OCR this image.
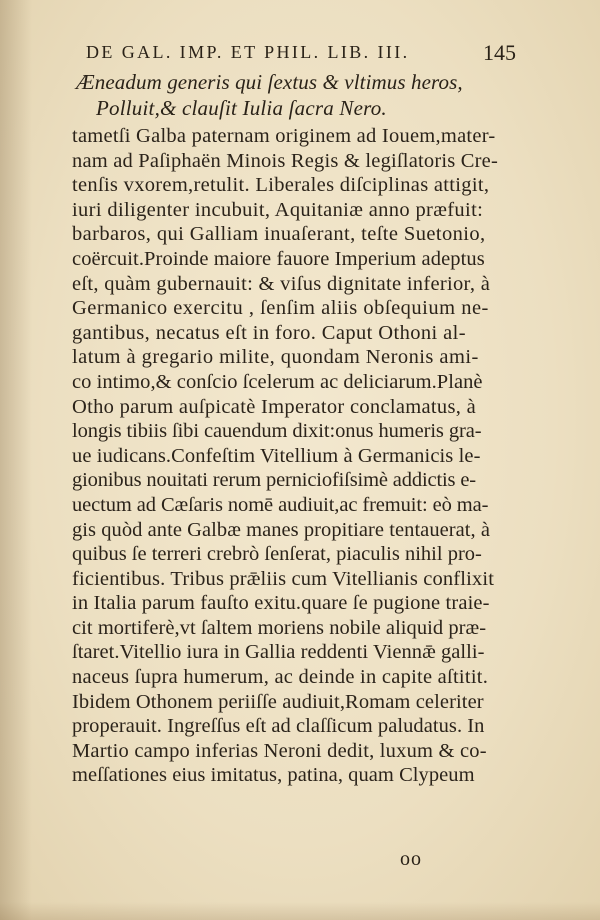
DE GAL. IMP. ET PHIL. LIB. III.	145
Æneadum generis qui ſextus & vltimus heros,
Polluit,& clauſit Iulia ſacra Nero.
tametſi Galba paternam originem ad Iouem,mater-
nam ad Paſiphaën Minois Regis & legiſlatoris Cre-
tenſis vxorem,retulit. Liberales diſciplinas attigit,
iuri diligenter incubuit, Aquitaniæ anno præfuit:
barbaros, qui Galliam inuaſerant, teſte Suetonio,
coërcuit.Proinde maiore fauore Imperium adeptus
eſt, quàm gubernauit: & viſus dignitate inferior, à
Germanico exercitu , ſenſim aliis obſequium ne-
gantibus, necatus eſt in foro. Caput Othoni al-
latum à gregario milite, quondam Neronis ami-
co intimo,& conſcio ſcelerum ac deliciarum.Planè
Otho parum auſpicatè Imperator conclamatus, à
longis tibiis ſibi cauendum dixit:onus humeris gra-
ue iudicans.Confeſtim Vitellium à Germanicis le-
gionibus nouitati rerum perniciofiſsimè addictis e-
uectum ad Cæſaris nomē audiuit,ac fremuit: eò ma-
gis quòd ante Galbæ manes propitiare tentauerat, à
quibus ſe terreri crebrò ſenſerat, piaculis nihil pro-
ficientibus. Tribus prǣliis cum Vitellianis conflixit
in Italia parum fauſto exitu.quare ſe pugione traie-
cit mortiferè,vt ſaltem moriens nobile aliquid præ-
ſtaret.Vitellio iura in Gallia reddenti Viennǣ galli-
naceus ſupra humerum, ac deinde in capite aſtitit.
Ibidem Othonem periiſſe audiuit,Romam celeriter
properauit. Ingreſſus eſt ad claſſicum paludatus. In
Martio campo inferias Neroni dedit, luxum & co-
meſſationes eius imitatus, patina, quam Clypeum
oo
